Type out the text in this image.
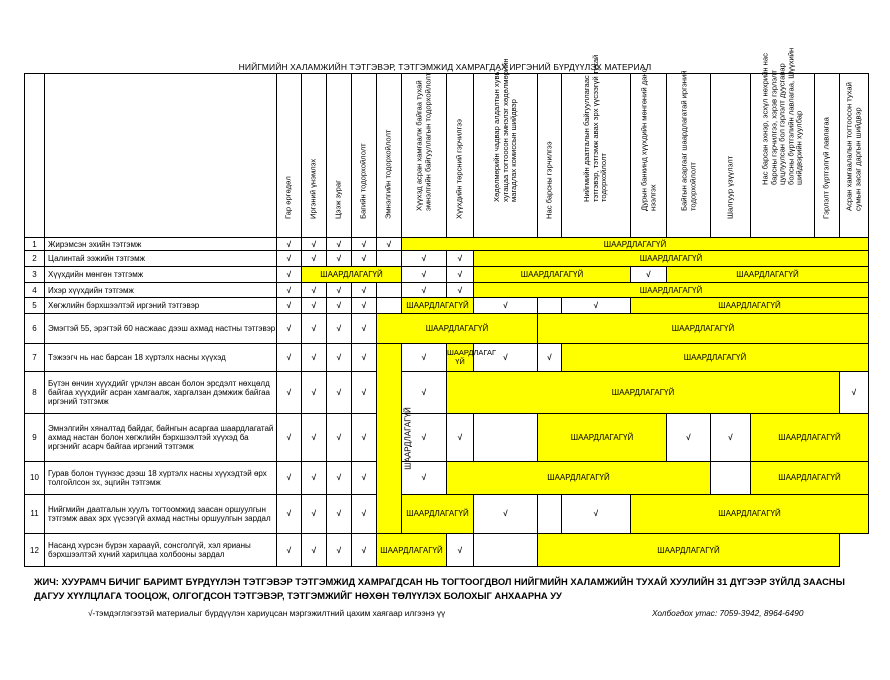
НИЙГМИЙН ХАЛАМЖИЙН ТЭТГЭВЭР, ТЭТГЭМЖИД ХАМРАГДАХ ИРГЭНИЙ БҮРДҮҮЛЭХ МАТЕРИАЛ

		Гар өргөдөл	Иргэний үнэмлэх	Цээж зураг	Багийн тодорхойлолт	Эмнэлгийн тодорхойлолт	Хүүхэд асран хамгаалж байгаа тухай эмнэлгийн байгууллагын тодорхойлолт	Хүүхдийн төрсний гэрчилгээ	Хөдөлмөрийн чадвар алдалтын хувь, хугацаа тогтоосон эмнэлэг хөдөлмөрийн магадлах комиссын шийдвэр	Нас барсны гэрчилгээ	Нийгмийн даатгалын байгууллагаас тэтгэвэр, тэтгэмж авах эрх үүсээгүй тухай тодорхойлолт	Дурын банкинд хүүхдийн мөнгөний данс нээлгэх	Байгын асаргааг шаардлагатай иргэний тодорхойлолт	Шалгуур үзүүлэлт	Нас барсан эхнэр, эсхүл нөхрийн нас барсны гэрчилгээ, хэрэв гэрлэлт цуцлуулсан бол гэрлэлт дуусгавар болсны бүртгэлийн лавлагаа, Шүүхийн шийдвэрийн хуулбар	Гэрлэлт бүртгэлгүй лавлагаа	Асран хамгаалалын тогтоосон тухай сумын засаг даргын шийдвэр

1	Жирэмсэн эхийн тэтгэмж	√	√	√	√	√	ШААРДЛАГАГҮЙ										
2	Цалинтай ээжийн тэтгэмж	√	√	√	√		√	√	ШААРДЛАГАГҮЙ								
3	Хүүхдийн мөнгөн тэтгэмж	√	ШААРДЛАГАГҮЙ				√	√	ШААРДЛАГАГҮЙ			√	ШААРДЛАГАГҮЙ				
4	Ихэр хүүхдийн тэтгэмж	√	√	√	√		√	√	ШААРДЛАГАГҮЙ								
5	Хөгжлийн бэрхшээлтэй иргэний тэтгэвэр	√	√	√	√		ШААРДЛАГАГҮЙ		√		√	ШААРДЛАГАГҮЙ					
6	Эмэгтэй 55, эрэгтэй 60 насжаас дээш ахмад настны тэтгэвэр	√	√	√	√	ШААРДЛАГАГҮЙ				ШААРДЛАГАГҮЙ							
7	Тэжээгч нь нас барсан 18 хүртэлх насны хүүхэд	√	√	√	√	ШААРДЛАГАГҮЙ	√	ШААРДЛАГАГ ҮЙ	√	√	ШААРДЛАГАГҮЙ						
8	Бүтэн өнчин хүүхдийг үрчлэн авсан болон эрсдэлт нөхцөлд байгаа хүүхдийг асран хамгаалж, харгалзан дэмжиж байгаа иргэний тэтгэмж	√	√	√	√		√	ШААРДЛАГАГҮЙ									√
9	Эмнэлгийн хяналтад байдаг, байнгын асаргаа шаардлагатай ахмад настан болон хөгжлийн бэрхшээлтэй хүүхэд ба иргэнийг асарч байгаа иргэний тэтгэмж	√	√	√	√		√	√		ШААРДЛАГАГҮЙ			√	√	ШААРДЛАГАГҮЙ		
10	Гурав болон түүнээс дээш 18 хүртэлх насны хүүхэдтэй өрх толгойлсон эх, эцгийн тэтгэмж	√	√	√	√		√	ШААРДЛАГАГҮЙ							ШААРДЛАГАГҮЙ		
11	Нийгмийн даатгалын хуулъ тогтоомжид заасан оршуулгын тэтгэмж авах эрх үүсээгүй ахмад настны оршуулгын зардал	√	√	√	√		ШААРДЛАГАГҮЙ		√		√	ШААРДЛАГАГҮЙ					
12	Насанд хүрсэн бүрэн харааүй, сонсголгүй, хэл ярианы бэрхшээлтэй хүний харилцаа холбооны зардал	√	√	√	√	ШААРДЛАГАГҮЙ		√		ШААРДЛАГАГҮЙ							
ЖИЧ: ХУУРАМЧ БИЧИГ БАРИМТ БҮРДҮҮЛЭН ТЭТГЭВЭР ТЭТГЭМЖИД ХАМРАГДСАН НЬ ТОГТООГДВОЛ НИЙГМИЙН ХАЛАМЖИЙН ТУХАЙ ХУУЛИЙН 31 ДҮГЭЭР ЗҮЙЛД ЗААСНЫ ДАГУУ ХҮҮЛЦЛАГА ТООЦОЖ, ОЛГОГДСОН ТЭТГЭВЭР, ТЭТГЭМЖИЙГ НӨХӨН ТӨЛҮҮЛЭХ БОЛОХЫГ АНХААРНА УУ
√-тэмдэглэгээтэй материалыг бүрдүүлэн хариуцсан мэргэжилтний цахим хаягаар илгээнэ үү	Холбогдох утас: 7059-3942, 8964-6490
